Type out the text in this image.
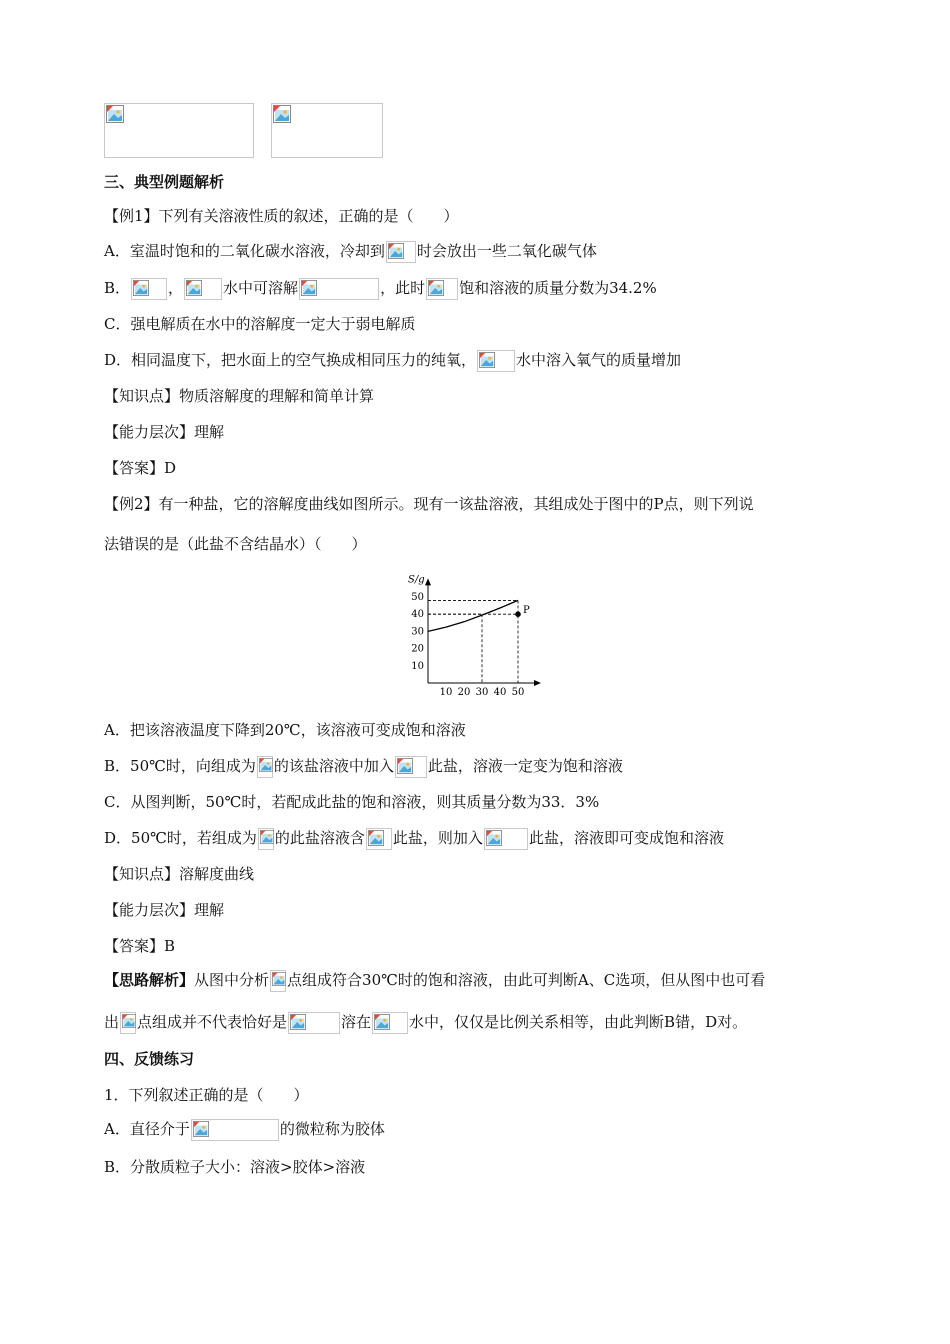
三、典型例题解析
【例1】下列有关溶液性质的叙述，正确的是（　　）
A．室温时饱和的二氧化碳水溶液，冷却到 时会放出一些二氧化碳气体
B．	，	水中可溶解	，此时 饱和溶液的质量分数为34.2%
C．强电解质在水中的溶解度一定大于弱电解质
D．相同温度下，把水面上的空气换成相同压力的纯氧，	水中溶入氧气的质量增加
【知识点】物质溶解度的理解和简单计算
【能力层次】理解
【答案】D
【例2】有一种盐，它的溶解度曲线如图所示。现有一该盐溶液，其组成处于图中的P点，则下列说
法错误的是（此盐不含结晶水）（　　）
S/g
10 20 30 40 50
10
20
30
40
50
P
A．把该溶液温度下降到20℃，该溶液可变成饱和溶液
B．50℃时，向组成为 的该盐溶液中加入 此盐，溶液一定变为饱和溶液
C．从图判断，50℃时，若配成此盐的饱和溶液，则其质量分数为33．3%
D．50℃时，若组成为 的此盐溶液含 此盐，则加入	此盐，溶液即可变成饱和溶液
【知识点】溶解度曲线
【能力层次】理解
【答案】B
【思路解析】从图中分析 点组成符合30℃时的饱和溶液，由此可判断A、C选项，但从图中也可看
出 点组成并不代表恰好是	溶在	水中，仅仅是比例关系相等，由此判断B错，D对。
四、反馈练习
1．下列叙述正确的是（　　）
A．直径介于	的微粒称为胶体
B．分散质粒子大小：溶液>胶体>溶液
